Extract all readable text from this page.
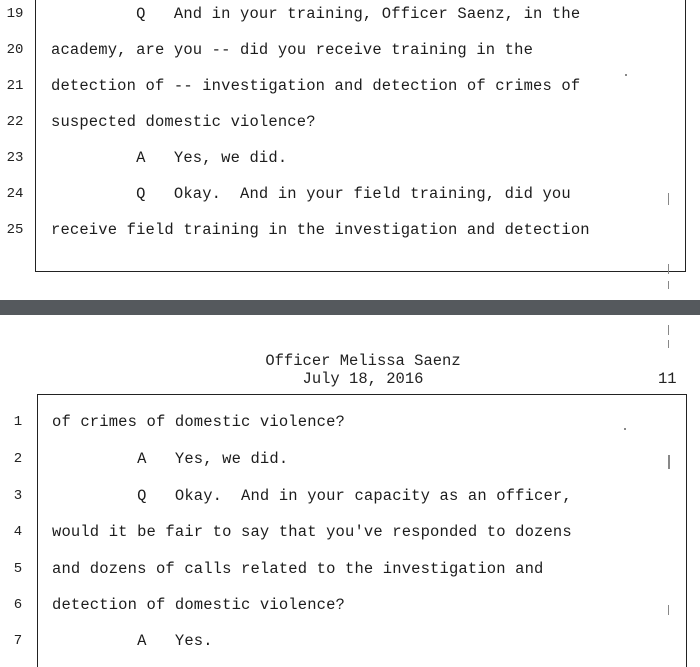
19	Q   And in your training, Officer Saenz, in the
20	academy, are you -- did you receive training in the
21	detection of -- investigation and detection of crimes of
22	suspected domestic violence?
23	A   Yes, we did.
24	Q   Okay.  And in your field training, did you
25	receive field training in the investigation and detection
Officer Melissa Saenz
July 18, 2016	11
1	of crimes of domestic violence?
2	A   Yes, we did.
3	Q   Okay.  And in your capacity as an officer,
4	would it be fair to say that you've responded to dozens
5	and dozens of calls related to the investigation and
6	detection of domestic violence?
7	A   Yes.
